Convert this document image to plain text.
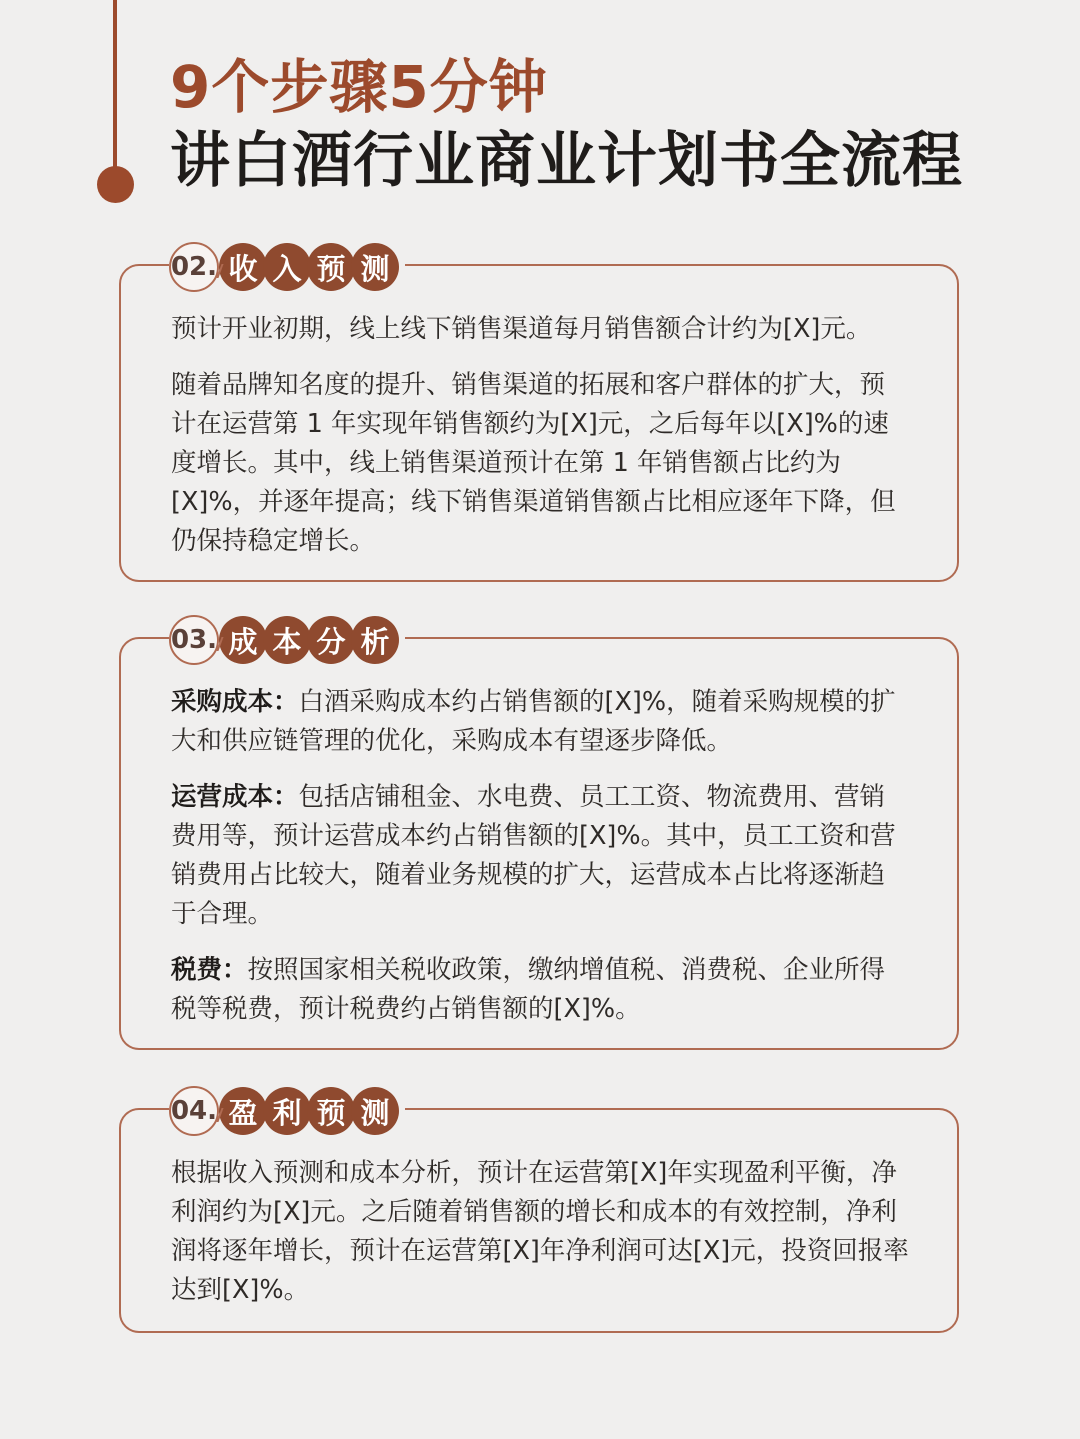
9个步骤5分钟
讲白酒行业商业计划书全流程
02. 收 入 预 测

预计开业初期，线上线下销售渠道每月销售额合计约为[X]元。

随着品牌知名度的提升、销售渠道的拓展和客户群体的扩大，预计在运营第 1 年实现年销售额约为[X]元，之后每年以[X]%的速度增长。其中，线上销售渠道预计在第 1 年销售额占比约为[X]%，并逐年提高；线下销售渠道销售额占比相应逐年下降，但仍保持稳定增长。

03. 成 本 分 析

采购成本：白酒采购成本约占销售额的[X]%，随着采购规模的扩大和供应链管理的优化，采购成本有望逐步降低。

运营成本：包括店铺租金、水电费、员工工资、物流费用、营销费用等，预计运营成本约占销售额的[X]%。其中，员工工资和营销费用占比较大，随着业务规模的扩大，运营成本占比将逐渐趋于合理。

税费：按照国家相关税收政策，缴纳增值税、消费税、企业所得税等税费，预计税费约占销售额的[X]%。

04. 盈 利 预 测

根据收入预测和成本分析，预计在运营第[X]年实现盈利平衡，净利润约为[X]元。之后随着销售额的增长和成本的有效控制，净利润将逐年增长，预计在运营第[X]年净利润可达[X]元，投资回报率达到[X]%。
